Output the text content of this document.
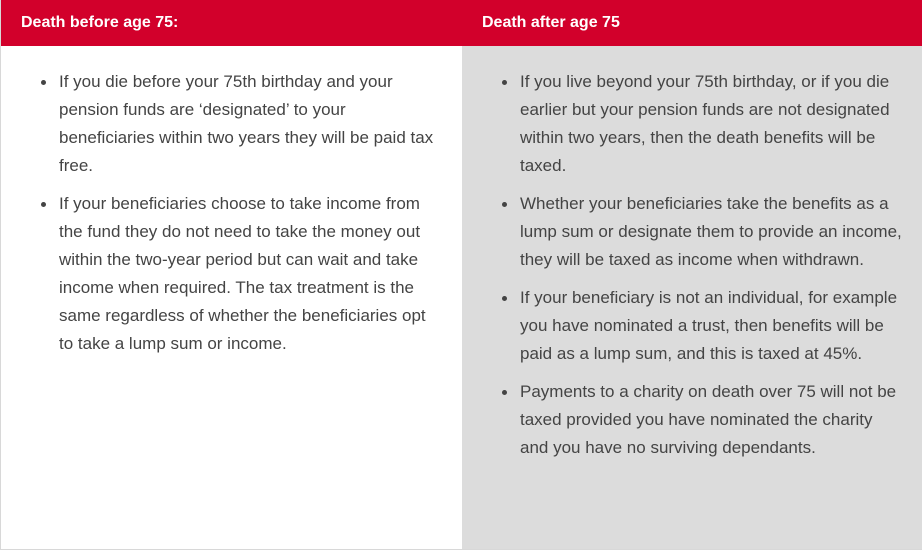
Death before age 75:	Death after age 75
If you die before your 75th birthday and your pension funds are ‘designated’ to your beneficiaries within two years they will be paid tax free.
If your beneficiaries choose to take income from the fund they do not need to take the money out within the two-year period but can wait and take income when required. The tax treatment is the same regardless of whether the beneficiaries opt to take a lump sum or income.
If you live beyond your 75th birthday, or if you die earlier but your pension funds are not designated within two years, then the death benefits will be taxed.
Whether your beneficiaries take the benefits as a lump sum or designate them to provide an income, they will be taxed as income when withdrawn.
If your beneficiary is not an individual, for example you have nominated a trust, then benefits will be paid as a lump sum, and this is taxed at 45%.
Payments to a charity on death over 75 will not be taxed provided you have nominated the charity and you have no surviving dependants.
